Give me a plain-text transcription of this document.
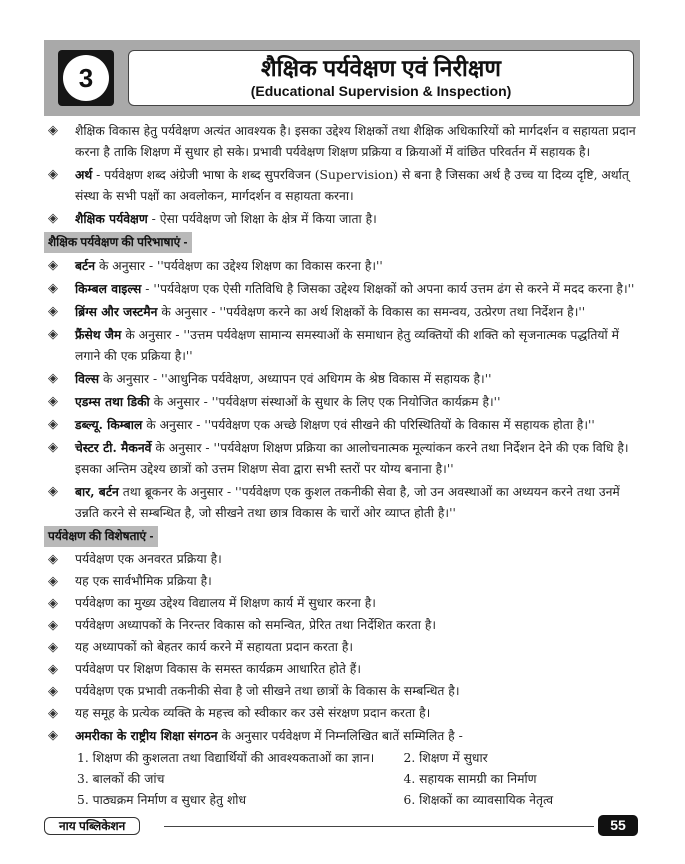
3	शैक्षिक पर्यवेक्षण एवं निरीक्षण
(Educational Supervision & Inspection)
◈ शैक्षिक विकास हेतु पर्यवेक्षण अत्यंत आवश्यक है। इसका उद्देश्य शिक्षकों तथा शैक्षिक अधिकारियों को मार्गदर्शन व सहायता प्रदान करना है ताकि शिक्षण में सुधार हो सके। प्रभावी पर्यवेक्षण शिक्षण प्रक्रिया व क्रियाओं में वांछित परिवर्तन में सहायक है।
◈ अर्थ - पर्यवेक्षण शब्द अंग्रेजी भाषा के शब्द सुपरविजन (Supervision) से बना है जिसका अर्थ है उच्च या दिव्य दृष्टि, अर्थात् संस्था के सभी पक्षों का अवलोकन, मार्गदर्शन व सहायता करना।
◈ शैक्षिक पर्यवेक्षण - ऐसा पर्यवेक्षण जो शिक्षा के क्षेत्र में किया जाता है।
शैक्षिक पर्यवेक्षण की परिभाषाएं -
◈ बर्टन के अनुसार - ''पर्यवेक्षण का उद्देश्य शिक्षण का विकास करना है।''
◈ किम्बल वाइल्स - ''पर्यवेक्षण एक ऐसी गतिविधि है जिसका उद्देश्य शिक्षकों को अपना कार्य उत्तम ढंग से करने में मदद करना है।''
◈ ब्रिंग्स और जस्टमैन के अनुसार - ''पर्यवेक्षण करने का अर्थ शिक्षकों के विकास का समन्वय, उत्प्रेरण तथा निर्देशन है।''
◈ फ्रैंसेथ जैम के अनुसार - ''उत्तम पर्यवेक्षण सामान्य समस्याओं के समाधान हेतु व्यक्तियों की शक्ति को सृजनात्मक पद्धतियों में लगाने की एक प्रक्रिया है।''
◈ विल्स के अनुसार - ''आधुनिक पर्यवेक्षण, अध्यापन एवं अधिगम के श्रेष्ठ विकास में सहायक है।''
◈ एडम्स तथा डिकी के अनुसार - ''पर्यवेक्षण संस्थाओं के सुधार के लिए एक नियोजित कार्यक्रम है।''
◈ डब्ल्यू. किम्बाल के अनुसार - ''पर्यवेक्षण एक अच्छे शिक्षण एवं सीखने की परिस्थितियों के विकास में सहायक होता है।''
◈ चेस्टर टी. मैकनर्वे के अनुसार - ''पर्यवेक्षण शिक्षण प्रक्रिया का आलोचनात्मक मूल्यांकन करने तथा निर्देशन देने की एक विधि है। इसका अन्तिम उद्देश्य छात्रों को उत्तम शिक्षण सेवा द्वारा सभी स्तरों पर योग्य बनाना है।''
◈ बार, बर्टन तथा ब्रूकनर के अनुसार - ''पर्यवेक्षण एक कुशल तकनीकी सेवा है, जो उन अवस्थाओं का अध्ययन करने तथा उनमें उन्नति करने से सम्बन्धित है, जो सीखने तथा छात्र विकास के चारों ओर व्याप्त होती है।''
पर्यवेक्षण की विशेषताएं -
◈ पर्यवेक्षण एक अनवरत प्रक्रिया है।
◈ यह एक सार्वभौमिक प्रक्रिया है।
◈ पर्यवेक्षण का मुख्य उद्देश्य विद्यालय में शिक्षण कार्य में सुधार करना है।
◈ पर्यवेक्षण अध्यापकों के निरन्तर विकास को समन्वित, प्रेरित तथा निर्देशित करता है।
◈ यह अध्यापकों को बेहतर कार्य करने में सहायता प्रदान करता है।
◈ पर्यवेक्षण पर शिक्षण विकास के समस्त कार्यक्रम आधारित होते हैं।
◈ पर्यवेक्षण एक प्रभावी तकनीकी सेवा है जो सीखने तथा छात्रों के विकास के सम्बन्धित है।
◈ यह समूह के प्रत्येक व्यक्ति के महत्त्व को स्वीकार कर उसे संरक्षण प्रदान करता है।
◈ अमरीका के राष्ट्रीय शिक्षा संगठन के अनुसार पर्यवेक्षण में निम्नलिखित बातें सम्मिलित है -
1. शिक्षण की कुशलता तथा विद्यार्थियों की आवश्यकताओं का ज्ञान।	2. शिक्षण में सुधार
3. बालकों की जांच	4. सहायक सामग्री का निर्माण
5. पाठ्यक्रम निर्माण व सुधार हेतु शोध	6. शिक्षकों का व्यावसायिक नेतृत्व
नाय पब्लिकेशन	55
